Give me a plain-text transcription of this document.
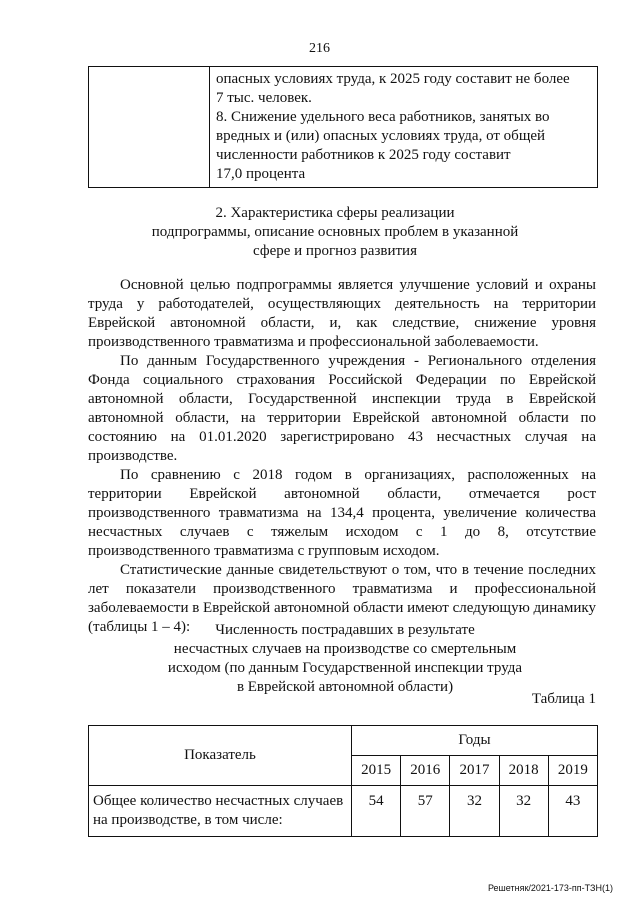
216

опасных условиях труда, к 2025 году составит не более
7 тыс. человек.
8. Снижение удельного веса работников, занятых во
вредных и (или) опасных условиях труда, от общей
численности работников к 2025 году составит
17,0 процента
2. Характеристика сферы реализации
подпрограммы, описание основных проблем в указанной
сфере и прогноз развития

Основной целью подпрограммы является улучшение условий и охраны труда у работодателей, осуществляющих деятельность на территории Еврейской автономной области, и, как следствие, снижение уровня производственного травматизма и профессиональной заболеваемости.

По данным Государственного учреждения - Регионального отделения Фонда социального страхования Российской Федерации по Еврейской автономной области, Государственной инспекции труда в Еврейской автономной области, на территории Еврейской автономной области по состоянию на 01.01.2020 зарегистрировано 43 несчастных случая на производстве.

По сравнению с 2018 годом в организациях, расположенных на территории Еврейской автономной области, отмечается рост производственного травматизма на 134,4 процента, увеличение количества несчастных случаев с тяжелым исходом с 1 до 8, отсутствие производственного травматизма с групповым исходом.

Статистические данные свидетельствуют о том, что в течение последних лет показатели производственного травматизма и профессиональной заболеваемости в Еврейской автономной области имеют следующую динамику (таблицы 1 – 4):	Численность пострадавших в результате
несчастных случаев на производстве со смертельным
исходом (по данным Государственной инспекции труда
в Еврейской автономной области)
Таблица 1
Показатель	Годы				
	2015	2016	2017	2018	2019
Общее количество несчастных случаев на производстве, в том числе:	54	57	32	32	43
Решетняк/2021-173-пп-ТЗН(1)
